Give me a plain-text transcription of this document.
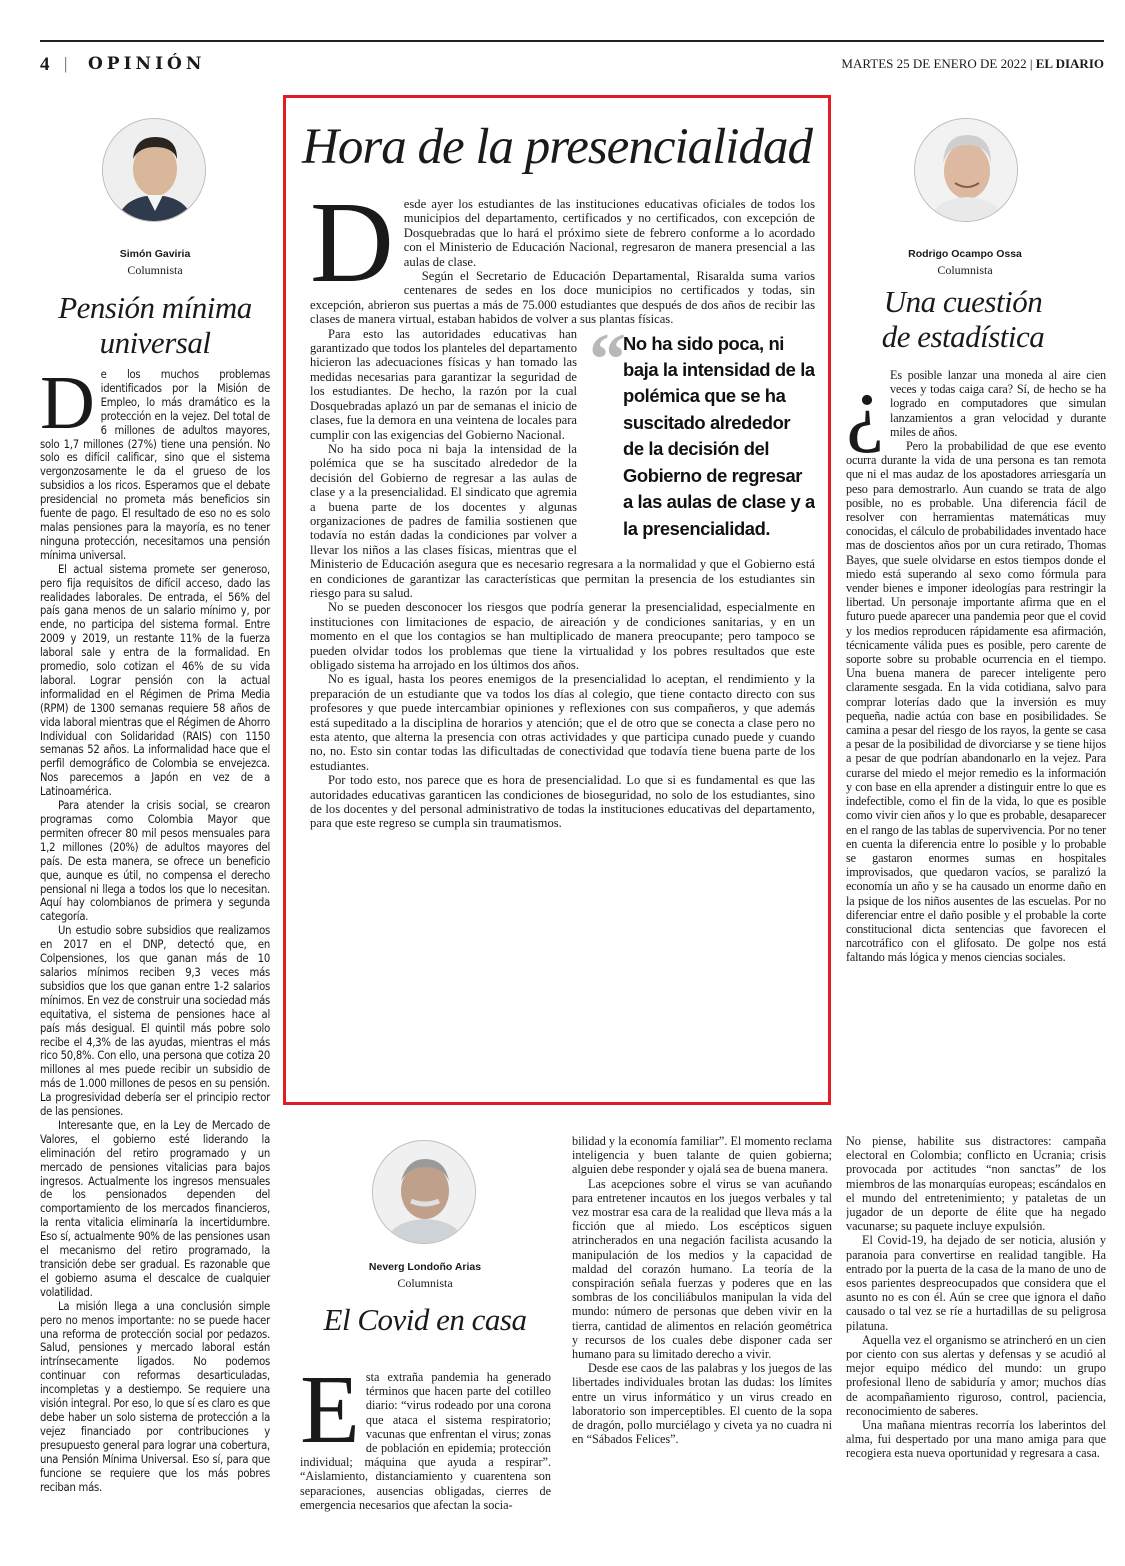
4 | OPINIÓN	MARTES 25 DE ENERO DE 2022 | EL DIARIO
Simón Gaviria
Columnista
Pensión mínima
universal

De los muchos problemas identificados por la Misión de Empleo, lo más dramático es la protección en la vejez. Del total de 6 millones de adultos mayores, solo 1,7 millones (27%) tiene una pensión. No solo es difícil calificar, sino que el sistema vergonzosamente le da el grueso de los subsidios a los ricos. Esperamos que el debate presidencial no prometa más beneficios sin fuente de pago. El resultado de eso no es solo malas pensiones para la mayoría, es no tener ninguna protección, necesitamos una pensión mínima universal.

El actual sistema promete ser generoso, pero fija requisitos de difícil acceso, dado las realidades laborales. De entrada, el 56% del país gana menos de un salario mínimo y, por ende, no participa del sistema formal. Entre 2009 y 2019, un restante 11% de la fuerza laboral sale y entra de la formalidad. En promedio, solo cotizan el 46% de su vida laboral. Lograr pensión con la actual informalidad en el Régimen de Prima Media (RPM) de 1300 semanas requiere 58 años de vida laboral mientras que el Régimen de Ahorro Individual con Solidaridad (RAIS) con 1150 semanas 52 años. La informalidad hace que el perfil demográfico de Colombia se envejezca. Nos parecemos a Japón en vez de a Latinoamérica.

Para atender la crisis social, se crearon programas como Colombia Mayor que permiten ofrecer 80 mil pesos mensuales para 1,2 millones (20%) de adultos mayores del país. De esta manera, se ofrece un beneficio que, aunque es útil, no compensa el derecho pensional ni llega a todos los que lo necesitan. Aquí hay colombianos de primera y segunda categoría.

Un estudio sobre subsidios que realizamos en 2017 en el DNP, detectó que, en Colpensiones, los que ganan más de 10 salarios mínimos reciben 9,3 veces más subsidios que los que ganan entre 1-2 salarios mínimos. En vez de construir una sociedad más equitativa, el sistema de pensiones hace al país más desigual. El quintil más pobre solo recibe el 4,3% de las ayudas, mientras el más rico 50,8%. Con ello, una persona que cotiza 20 millones al mes puede recibir un subsidio de más de 1.000 millones de pesos en su pensión. La progresividad debería ser el principio rector de las pensiones.

Interesante que, en la Ley de Mercado de Valores, el gobierno esté liderando la eliminación del retiro programado y un mercado de pensiones vitalicias para bajos ingresos. Actualmente los ingresos mensuales de los pensionados dependen del comportamiento de los mercados financieros, la renta vitalicia eliminaría la incertidumbre. Eso sí, actualmente 90% de las pensiones usan el mecanismo del retiro programado, la transición debe ser gradual. Es razonable que el gobierno asuma el descalce de cualquier volatilidad.

La misión llega a una conclusión simple pero no menos importante: no se puede hacer una reforma de protección social por pedazos. Salud, pensiones y mercado laboral están intrínsecamente ligados. No podemos continuar con reformas desarticuladas, incompletas y a destiempo. Se requiere una visión integral. Por eso, lo que sí es claro es que debe haber un solo sistema de protección a la vejez financiado por contribuciones y presupuesto general para lograr una cobertura, una Pensión Mínima Universal. Eso sí, para que funcione se requiere que los más pobres reciban más.

Hora de la presencialidad

Desde ayer los estudiantes de las instituciones educativas oficiales de todos los municipios del departamento, certificados y no certificados, con excepción de Dosquebradas que lo hará el próximo siete de febrero conforme a lo acordado con el Ministerio de Educación Nacional, regresaron de manera presencial a las aulas de clase.

Según el Secretario de Educación Departamental, Risaralda suma varios centenares de sedes en los doce municipios no certificados y todas, sin excepción, abrieron sus puertas a más de 75.000 estudiantes que después de dos años de recibir las clases de manera virtual, estaban habidos de volver a sus plantas físicas.

“
No ha sido poca, ni baja la intensidad de la polémica que se ha suscitado alrededor de la decisión del Gobierno de regresar a las aulas de clase y a la presencialidad.
Para esto las autoridades educativas han garantizado que todos los planteles del departamento hicieron las adecuaciones físicas y han tomado las medidas necesarias para garantizar la seguridad de los estudiantes. De hecho, la razón por la cual Dosquebradas aplazó un par de semanas el inicio de clases, fue la demora en una veintena de locales para cumplir con las exigencias del Gobierno Nacional.

No ha sido poca ni baja la intensidad de la polémica que se ha suscitado alrededor de la decisión del Gobierno de regresar a las aulas de clase y a la presencialidad. El sindicato que agremia a buena parte de los docentes y algunas organizaciones de padres de familia sostienen que todavía no están dadas la condiciones par volver a llevar los niños a las clases físicas, mientras que el Ministerio de Educación asegura que es necesario regresara a la normalidad y que el Gobierno está en condiciones de garantizar las características que permitan la presencia de los estudiantes sin riesgo para su salud.

No se pueden desconocer los riesgos que podría generar la presencialidad, especialmente en instituciones con limitaciones de espacio, de aireación y de condiciones sanitarias, y en un momento en el que los contagios se han multiplicado de manera preocupante; pero tampoco se pueden olvidar todos los problemas que tiene la virtualidad y los pobres resultados que este obligado sistema ha arrojado en los últimos dos años.

No es igual, hasta los peores enemigos de la presencialidad lo aceptan, el rendimiento y la preparación de un estudiante que va todos los días al colegio, que tiene contacto directo con sus profesores y que puede intercambiar opiniones y reflexiones con sus compañeros, y que además está supeditado a la disciplina de horarios y atención; que el de otro que se conecta a clase pero no esta atento, que alterna la presencia con otras actividades y que participa cunado puede y cuando no, no. Esto sin contar todas las dificultadas de conectividad que todavía tiene buena parte de los estudiantes.

Por todo esto, nos parece que es hora de presencialidad. Lo que si es fundamental es que las autoridades educativas garanticen las condiciones de bioseguridad, no solo de los estudiantes, sino de los docentes y del personal administrativo de todas la instituciones educativas del departamento, para que este regreso se cumpla sin traumatismos.

Rodrigo Ocampo Ossa
Columnista
Una cuestión
de estadística

¿ Es posible lanzar una moneda al aire cien veces y todas caiga cara? Sí, de hecho se ha logrado en computadores que simulan lanzamientos a gran velocidad y durante miles de años.

Pero la probabilidad de que ese evento ocurra durante la vida de una persona es tan remota que ni el mas audaz de los apostadores arriesgaría un peso para demostrarlo. Aun cuando se trata de algo posible, no es probable. Una diferencia fácil de resolver con herramientas matemáticas muy conocidas, el cálculo de probabilidades inventado hace mas de doscientos años por un cura retirado, Thomas Bayes, que suele olvidarse en estos tiempos donde el miedo está superando al sexo como fórmula para vender bienes e imponer ideologías para restringir la libertad. Un personaje importante afirma que en el futuro puede aparecer una pandemia peor que el covid y los medios reproducen rápidamente esa afirmación, técnicamente válida pues es posible, pero carente de soporte sobre su probable ocurrencia en el tiempo. Una buena manera de parecer inteligente pero claramente sesgada. En la vida cotidiana, salvo para comprar loterías dado que la inversión es muy pequeña, nadie actúa con base en posibilidades. Se camina a pesar del riesgo de los rayos, la gente se casa a pesar de la posibilidad de divorciarse y se tiene hijos a pesar de que podrían abandonarlo en la vejez. Para curarse del miedo el mejor remedio es la información y con base en ella aprender a distinguir entre lo que es indefectible, como el fin de la vida, lo que es posible como vivir cien años y lo que es probable, desaparecer en el rango de las tablas de supervivencia. Por no tener en cuenta la diferencia entre lo posible y lo probable se gastaron enormes sumas en hospitales improvisados, que quedaron vacíos, se paralizó la economía un año y se ha causado un enorme daño en la psique de los niños ausentes de las escuelas. Por no diferenciar entre el daño posible y el probable la corte constitucional dicta sentencias que favorecen el narcotráfico con el glifosato. De golpe nos está faltando más lógica y menos ciencias sociales.

Neverg Londoño Arias
Columnista
El Covid en casa

Esta extraña pandemia ha generado términos que hacen parte del cotilleo diario: “virus rodeado por una corona que ataca el sistema respiratorio; vacunas que enfrentan el virus; zonas de población en epidemia; protección individual; máquina que ayuda a respirar”. “Aislamiento, distanciamiento y cuarentena son separaciones, ausencias obligadas, cierres de emergencia necesarios que afectan la socia-

bilidad y la economía familiar”. El momento reclama inteligencia y buen talante de quien gobierna; alguien debe responder y ojalá sea de buena manera.

Las acepciones sobre el virus se van acuñando para entretener incautos en los juegos verbales y tal vez mostrar esa cara de la realidad que lleva más a la ficción que al miedo. Los escépticos siguen atrincherados en una negación facilista acusando la manipulación de los medios y la capacidad de maldad del corazón humano. La teoría de la conspiración señala fuerzas y poderes que en las sombras de los conciliábulos manipulan la vida del mundo: número de personas que deben vivir en la tierra, cantidad de alimentos en relación geométrica y recursos de los cuales debe disponer cada ser humano para su limitado derecho a vivir.

Desde ese caos de las palabras y los juegos de las libertades individuales brotan las dudas: los límites entre un virus informático y un virus creado en laboratorio son imperceptibles. El cuento de la sopa de dragón, pollo murciélago y civeta ya no cuadra ni en “Sábados Felices”.

No piense, habilite sus distractores: campaña electoral en Colombia; conflicto en Ucrania; crisis provocada por actitudes “non sanctas” de los miembros de las monarquías europeas; escándalos en el mundo del entretenimiento; y pataletas de un jugador de un deporte de élite que ha negado vacunarse; su paquete incluye expulsión.

El Covid-19, ha dejado de ser noticia, alusión y paranoia para convertirse en realidad tangible. Ha entrado por la puerta de la casa de la mano de uno de esos parientes despreocupados que considera que el asunto no es con él. Aún se cree que ignora el daño causado o tal vez se ríe a hurtadillas de su peligrosa pilatuna.

Aquella vez el organismo se atrincheró en un cien por ciento con sus alertas y defensas y se acudió al mejor equipo médico del mundo: un grupo profesional lleno de sabiduría y amor; muchos días de acompañamiento riguroso, control, paciencia, reconocimiento de saberes.

Una mañana mientras recorría los laberintos del alma, fui despertado por una mano amiga para que recogiera esta nueva oportunidad y regresara a casa.
